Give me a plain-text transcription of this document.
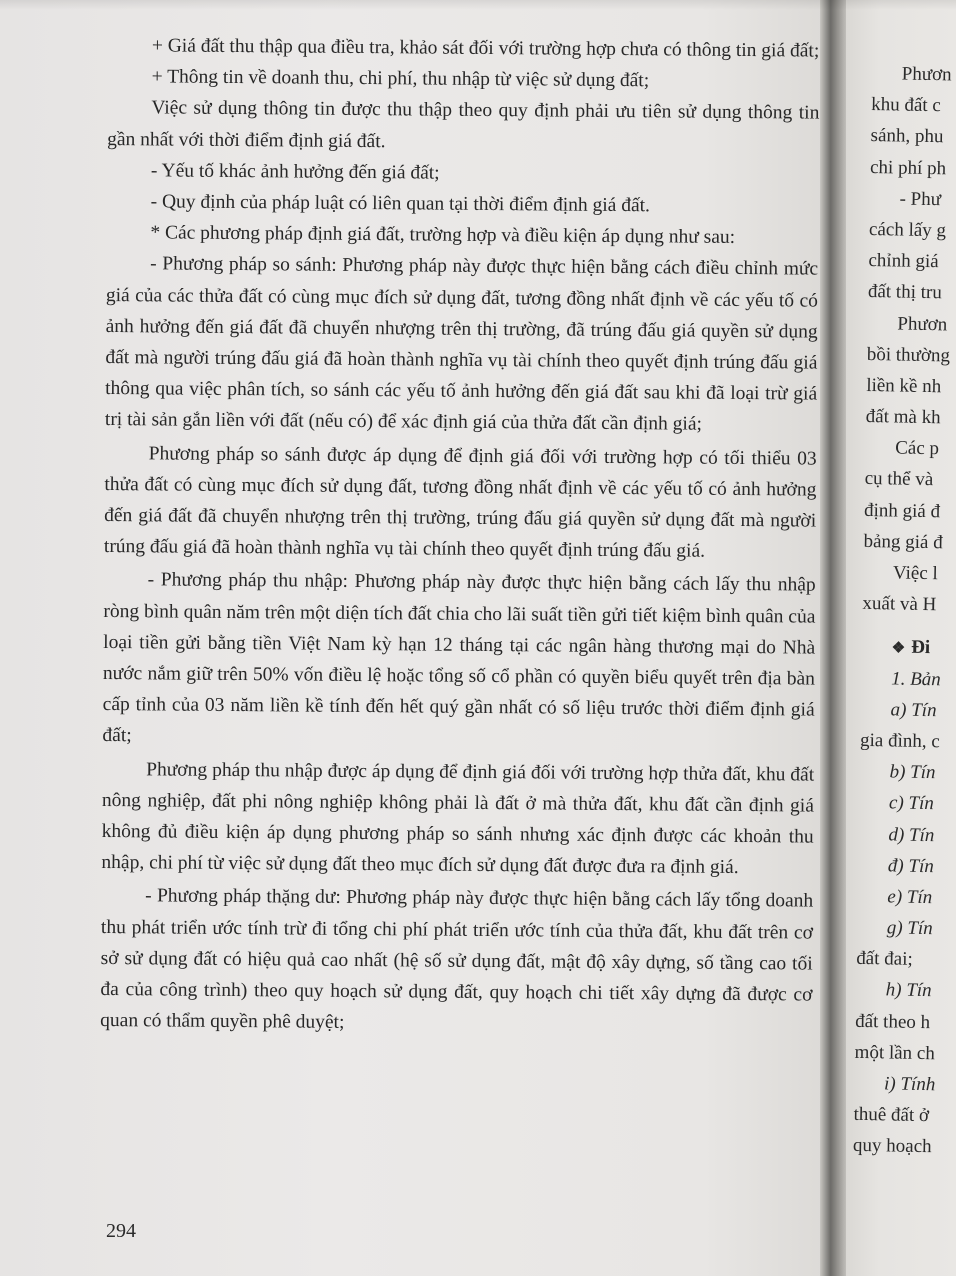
+ Giá đất thu thập qua điều tra, khảo sát đối với trường hợp chưa có thông tin giá đất;

+ Thông tin về doanh thu, chi phí, thu nhập từ việc sử dụng đất;

Việc sử dụng thông tin được thu thập theo quy định phải ưu tiên sử dụng thông tin gần nhất với thời điểm định giá đất.

- Yếu tố khác ảnh hưởng đến giá đất;

- Quy định của pháp luật có liên quan tại thời điểm định giá đất.

* Các phương pháp định giá đất, trường hợp và điều kiện áp dụng như sau:

- Phương pháp so sánh: Phương pháp này được thực hiện bằng cách điều chỉnh mức giá của các thửa đất có cùng mục đích sử dụng đất, tương đồng nhất định về các yếu tố có ảnh hưởng đến giá đất đã chuyển nhượng trên thị trường, đã trúng đấu giá quyền sử dụng đất mà người trúng đấu giá đã hoàn thành nghĩa vụ tài chính theo quyết định trúng đấu giá thông qua việc phân tích, so sánh các yếu tố ảnh hưởng đến giá đất sau khi đã loại trừ giá trị tài sản gắn liền với đất (nếu có) để xác định giá của thửa đất cần định giá;

Phương pháp so sánh được áp dụng để định giá đối với trường hợp có tối thiểu 03 thửa đất có cùng mục đích sử dụng đất, tương đồng nhất định về các yếu tố có ảnh hưởng đến giá đất đã chuyển nhượng trên thị trường, trúng đấu giá quyền sử dụng đất mà người trúng đấu giá đã hoàn thành nghĩa vụ tài chính theo quyết định trúng đấu giá.

- Phương pháp thu nhập: Phương pháp này được thực hiện bằng cách lấy thu nhập ròng bình quân năm trên một diện tích đất chia cho lãi suất tiền gửi tiết kiệm bình quân của loại tiền gửi bằng tiền Việt Nam kỳ hạn 12 tháng tại các ngân hàng thương mại do Nhà nước nắm giữ trên 50% vốn điều lệ hoặc tổng số cổ phần có quyền biểu quyết trên địa bàn cấp tỉnh của 03 năm liền kề tính đến hết quý gần nhất có số liệu trước thời điểm định giá đất;

Phương pháp thu nhập được áp dụng để định giá đối với trường hợp thửa đất, khu đất nông nghiệp, đất phi nông nghiệp không phải là đất ở mà thửa đất, khu đất cần định giá không đủ điều kiện áp dụng phương pháp so sánh nhưng xác định được các khoản thu nhập, chi phí từ việc sử dụng đất theo mục đích sử dụng đất được đưa ra định giá.

- Phương pháp thặng dư: Phương pháp này được thực hiện bằng cách lấy tổng doanh thu phát triển ước tính trừ đi tổng chi phí phát triển ước tính của thửa đất, khu đất trên cơ sở sử dụng đất có hiệu quả cao nhất (hệ số sử dụng đất, mật độ xây dựng, số tầng cao tối đa của công trình) theo quy hoạch sử dụng đất, quy hoạch chi tiết xây dựng đã được cơ quan có thẩm quyền phê duyệt;

294
Phươn
khu đất c
sánh, phu
chi phí ph
- Phư
cách lấy g
chỉnh giá
đất thị tru
Phươn
bồi thường
liền kề nh
đất mà kh
Các p
cụ thể và
định giá đ
bảng giá đ
Việc l
xuất và H
❖ Đi
1. Bản
a) Tín
gia đình, c
b) Tín
c) Tín
d) Tín
đ) Tín
e) Tín
g) Tín
đất đai;
h) Tín
đất theo h
một lần ch
i) Tính
thuê đất ở
quy hoạch
